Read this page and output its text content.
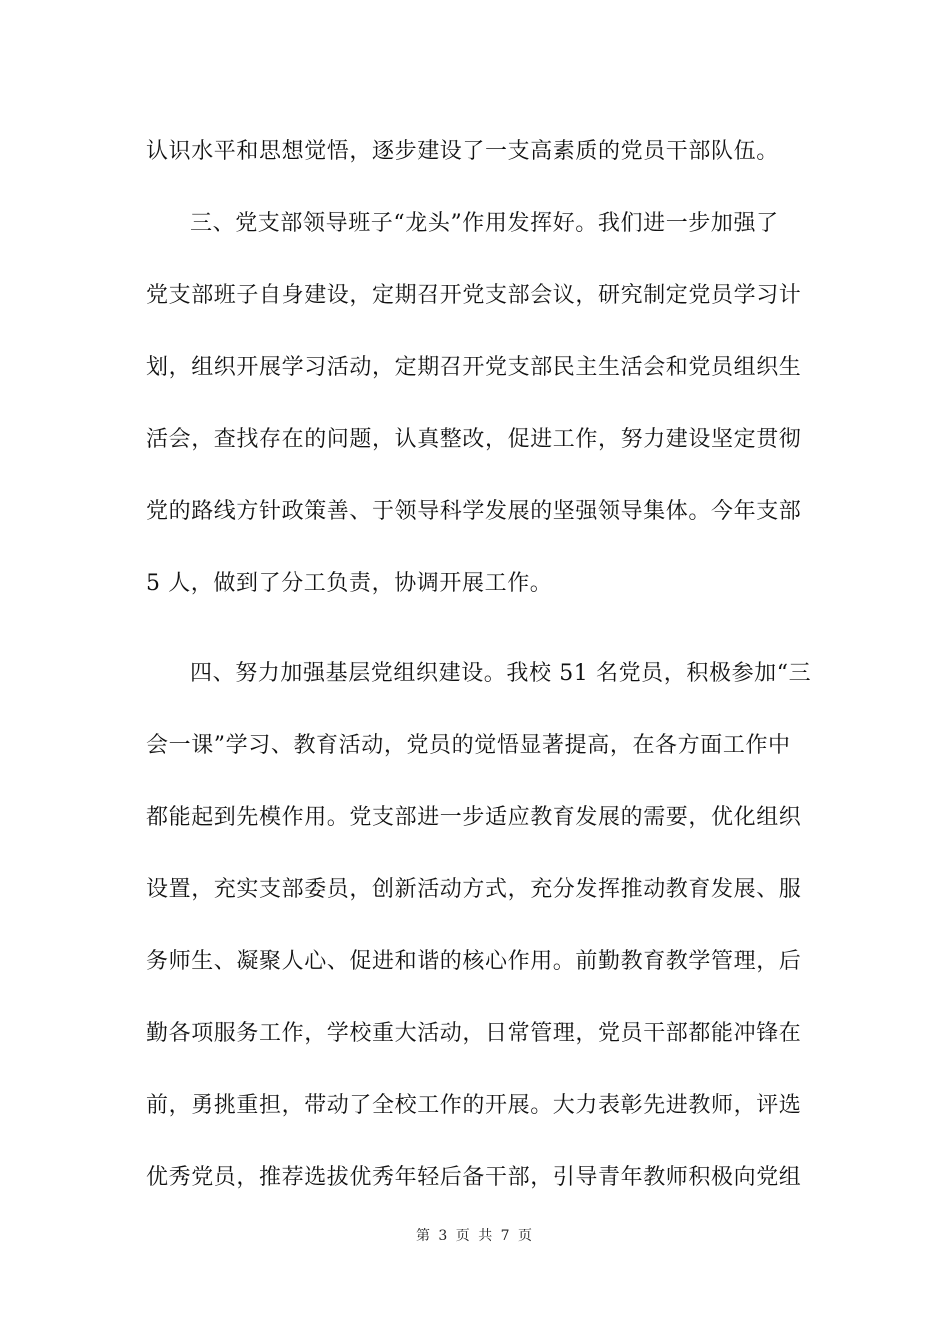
认识水平和思想觉悟，逐步建设了一支高素质的党员干部队伍。
三、党支部领导班子“龙头”作用发挥好。我们进一步加强了
党支部班子自身建设，定期召开党支部会议，研究制定党员学习计
划，组织开展学习活动，定期召开党支部民主生活会和党员组织生
活会，查找存在的问题，认真整改，促进工作，努力建设坚定贯彻
党的路线方针政策善、于领导科学发展的坚强领导集体。今年支部
5 人，做到了分工负责，协调开展工作。
四、努力加强基层党组织建设。我校 51 名党员，积极参加“三
会一课”学习、教育活动，党员的觉悟显著提高，在各方面工作中
都能起到先模作用。党支部进一步适应教育发展的需要，优化组织
设置，充实支部委员，创新活动方式，充分发挥推动教育发展、服
务师生、凝聚人心、促进和谐的核心作用。前勤教育教学管理，后
勤各项服务工作，学校重大活动，日常管理，党员干部都能冲锋在
前，勇挑重担，带动了全校工作的开展。大力表彰先进教师，评选
优秀党员，推荐选拔优秀年轻后备干部，引导青年教师积极向党组
第 3 页 共 7 页
